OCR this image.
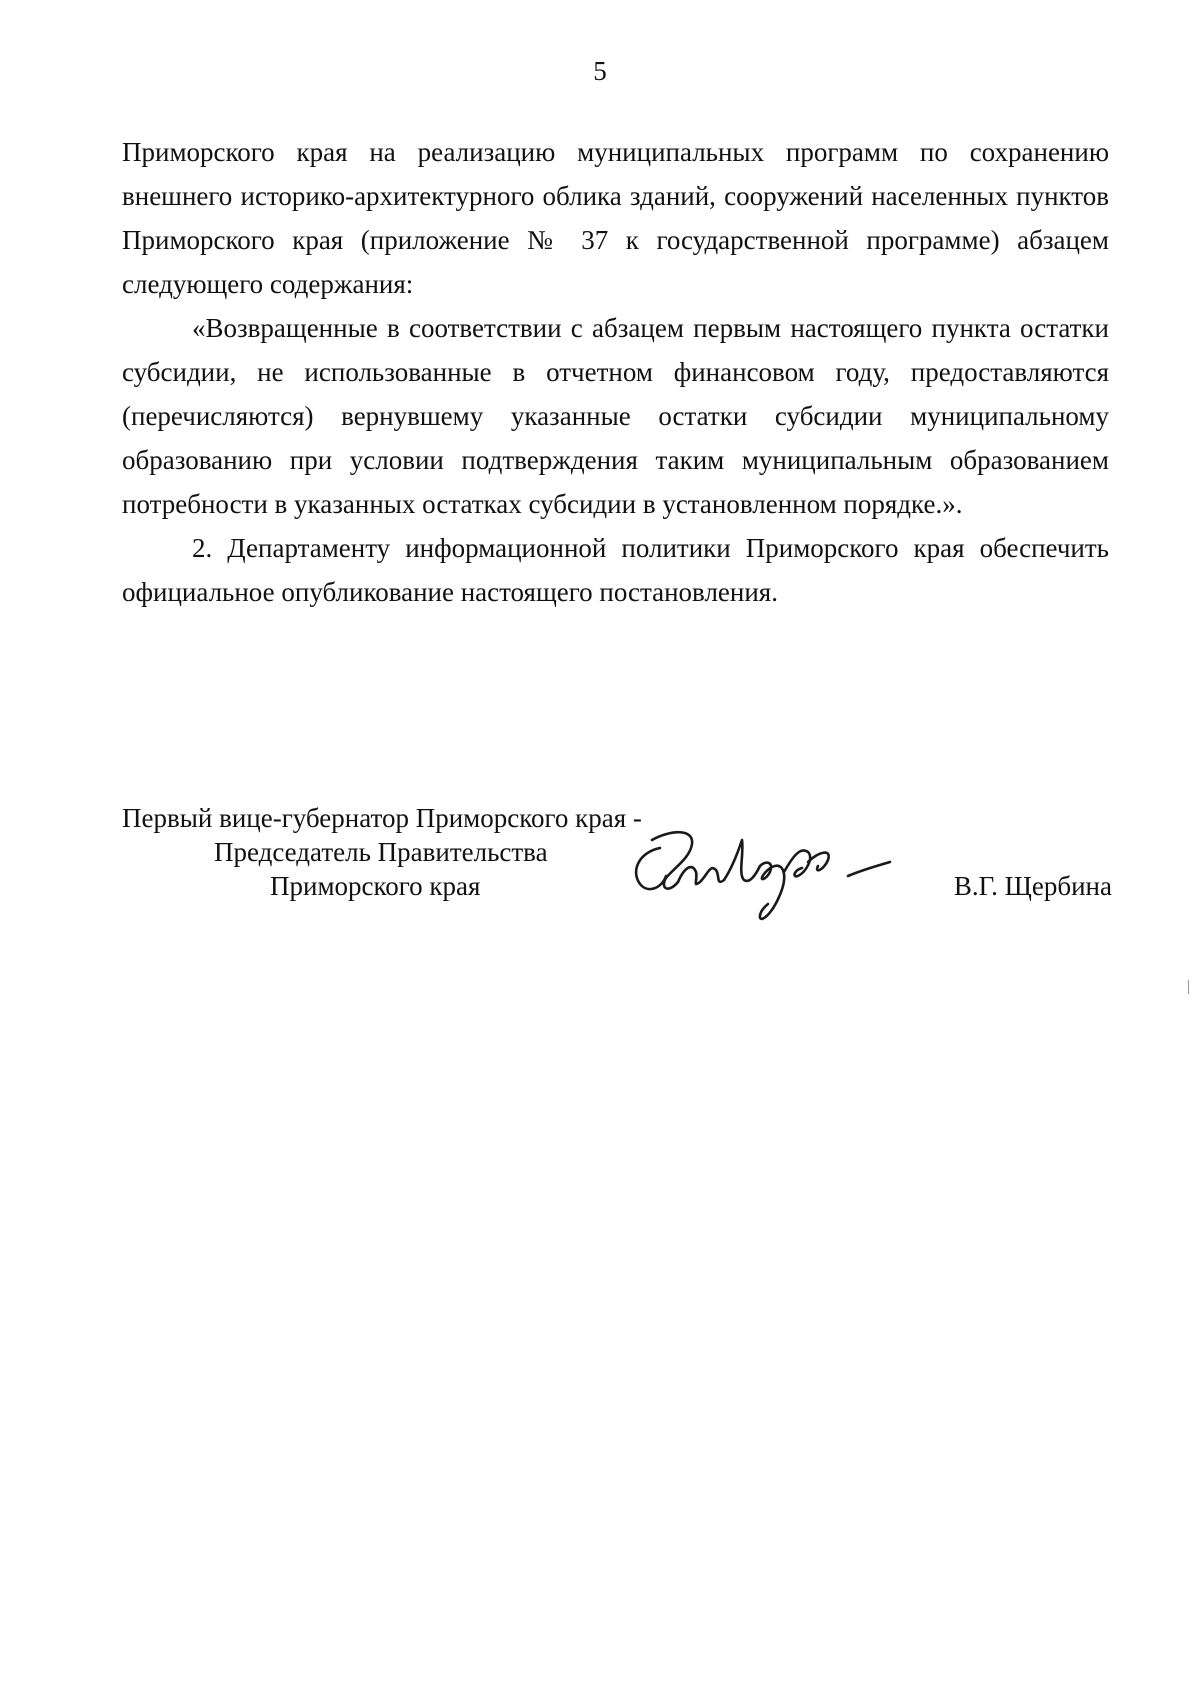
5

Приморского края на реализацию муниципальных программ по сохранению внешнего историко-архитектурного облика зданий, сооружений населенных пунктов Приморского края (приложение № 37 к государственной программе) абзацем следующего содержания:

«Возвращенные в соответствии с абзацем первым настоящего пункта остатки субсидии, не использованные в отчетном финансовом году, предоставляются (перечисляются) вернувшему указанные остатки субсидии муниципальному образованию при условии подтверждения таким муниципальным образованием потребности в указанных остатках субсидии в установленном порядке.».

2. Департаменту информационной политики Приморского края обеспечить официальное опубликование настоящего постановления.

Первый вице-губернатор Приморского края -
Председатель Правительства
Приморского края	В.Г. Щербина
